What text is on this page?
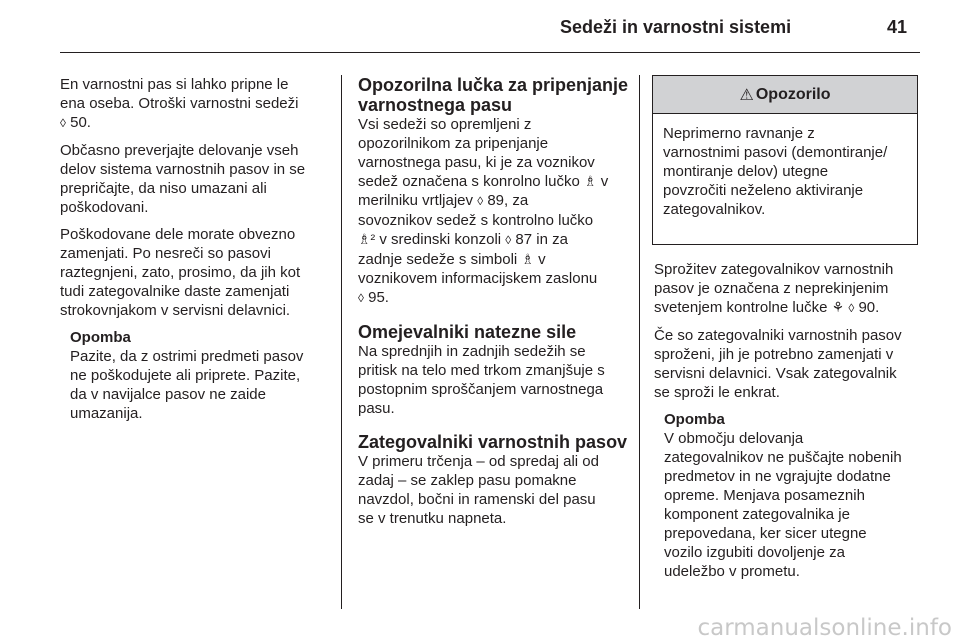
Sedeži in varnostni sistemi	41

En varnostni pas si lahko pripne le
ena oseba. Otroški varnostni sedeži
◊ 50.

Občasno preverjajte delovanje vseh
delov sistema varnostnih pasov in se
prepričajte, da niso umazani ali
poškodovani.

Poškodovane dele morate obvezno
zamenjati. Po nesreči so pasovi
raztegnjeni, zato, prosimo, da jih kot
tudi zategovalnike daste zamenjati
strokovnjakom v servisni delavnici.

Opomba
Pazite, da z ostrimi predmeti pasov
ne poškodujete ali priprete. Pazite,
da v navijalce pasov ne zaide
umazanija.
Opozorilna lučka za pripenjanje
varnostnega pasu

Vsi sedeži so opremljeni z
opozorilnikom za pripenjanje
varnostnega pasu, ki je za voznikov
sedež označena s konrolno lučko ♗ v
merilniku vrtljajev ◊ 89, za
sovoznikov sedež s kontrolno lučko
♗² v sredinski konzoli ◊ 87 in za
zadnje sedeže s simboli ♗ v
voznikovem informacijskem zaslonu
◊ 95.

Omejevalniki natezne sile

Na sprednjih in zadnjih sedežih se
pritisk na telo med trkom zmanjšuje s
postopnim sproščanjem varnostnega
pasu.

Zategovalniki varnostnih pasov

V primeru trčenja – od spredaj ali od
zadaj – se zaklep pasu pomakne
navzdol, bočni in ramenski del pasu
se v trenutku napneta.

⚠ Opozorilo
Neprimerno ravnanje z
varnostnimi pasovi (demontiranje/
montiranje delov) utegne
povzročiti neželeno aktiviranje
zategovalnikov.

Sprožitev zategovalnikov varnostnih
pasov je označena z neprekinjenim
svetenjem kontrolne lučke ⚘ ◊ 90.

Če so zategovalniki varnostnih pasov
sproženi, jih je potrebno zamenjati v
servisni delavnici. Vsak zategovalnik
se sproži le enkrat.

Opomba
V območju delovanja
zategovalnikov ne puščajte nobenih
predmetov in ne vgrajujte dodatne
opreme. Menjava posameznih
komponent zategovalnika je
prepovedana, ker sicer utegne
vozilo izgubiti dovoljenje za
udeležbo v prometu.
carmanualsonline.info
